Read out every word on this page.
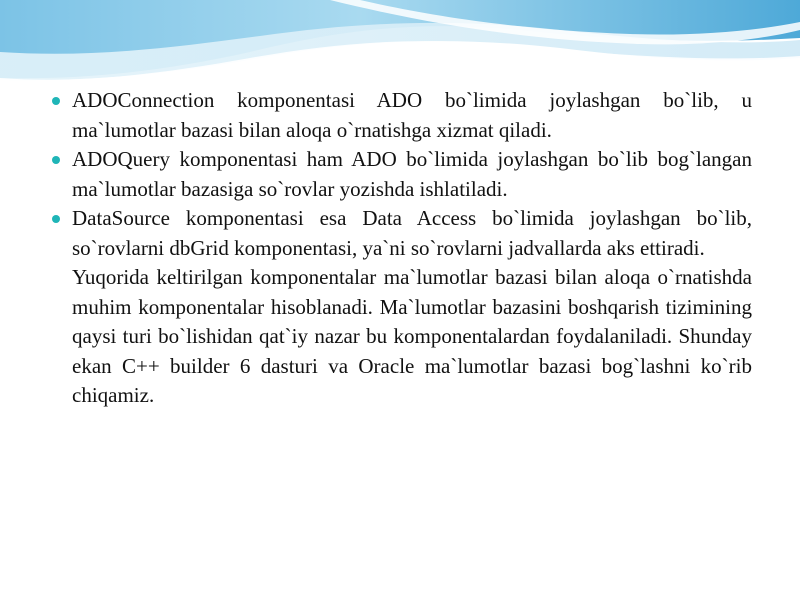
ADOConnection komponentasi ADO bo`limida joylashgan bo`lib, u ma`lumotlar bazasi bilan aloqa o`rnatishga xizmat qiladi.
ADOQuery komponentasi ham ADO bo`limida joylashgan bo`lib bog`langan ma`lumotlar bazasiga so`rovlar yozishda ishlatiladi.
DataSource komponentasi esa Data Access bo`limida joylashgan bo`lib, so`rovlarni dbGrid komponentasi, ya`ni so`rovlarni jadvallarda aks ettiradi.
Yuqorida keltirilgan komponentalar ma`lumotlar bazasi bilan aloqa o`rnatishda muhim komponentalar hisoblanadi. Ma`lumotlar bazasini boshqarish tizimining qaysi turi bo`lishidan qat`iy nazar bu komponentalardan foydalaniladi. Shunday ekan C++ builder 6 dasturi va Oracle ma`lumotlar bazasi bog`lashni ko`rib chiqamiz.
